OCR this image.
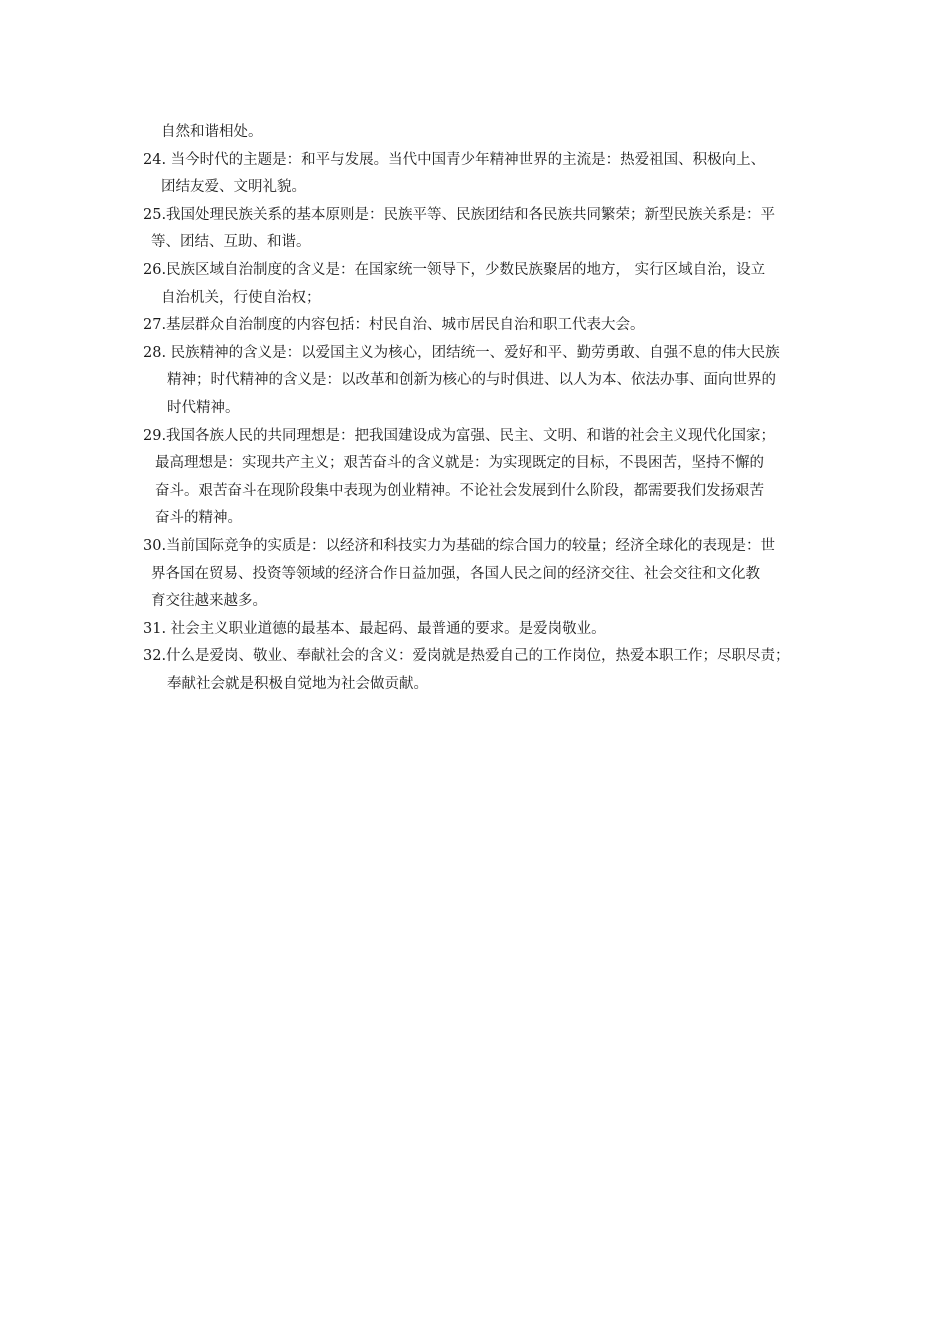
自然和谐相处。
24. 当今时代的主题是：和平与发展。当代中国青少年精神世界的主流是：热爱祖国、积极向上、
团结友爱、文明礼貌。
25.我国处理民族关系的基本原则是：民族平等、民族团结和各民族共同繁荣；新型民族关系是：平
等、团结、互助、和谐。
26.民族区域自治制度的含义是：在国家统一领导下，少数民族聚居的地方， 实行区域自治，设立
自治机关，行使自治权；
27.基层群众自治制度的内容包括：村民自治、城市居民自治和职工代表大会。
28. 民族精神的含义是：以爱国主义为核心，团结统一、爱好和平、勤劳勇敢、自强不息的伟大民族
精神；时代精神的含义是：以改革和创新为核心的与时俱进、以人为本、依法办事、面向世界的
时代精神。
29.我国各族人民的共同理想是：把我国建设成为富强、民主、文明、和谐的社会主义现代化国家；
最高理想是：实现共产主义；艰苦奋斗的含义就是：为实现既定的目标，不畏困苦，坚持不懈的
奋斗。艰苦奋斗在现阶段集中表现为创业精神。不论社会发展到什么阶段，都需要我们发扬艰苦
奋斗的精神。
30.当前国际竞争的实质是：以经济和科技实力为基础的综合国力的较量；经济全球化的表现是：世
界各国在贸易、投资等领域的经济合作日益加强，各国人民之间的经济交往、社会交往和文化教
育交往越来越多。
31. 社会主义职业道德的最基本、最起码、最普通的要求。是爱岗敬业。
32.什么是爱岗、敬业、奉献社会的含义：爱岗就是热爱自己的工作岗位，热爱本职工作；尽职尽责；
奉献社会就是积极自觉地为社会做贡献。
